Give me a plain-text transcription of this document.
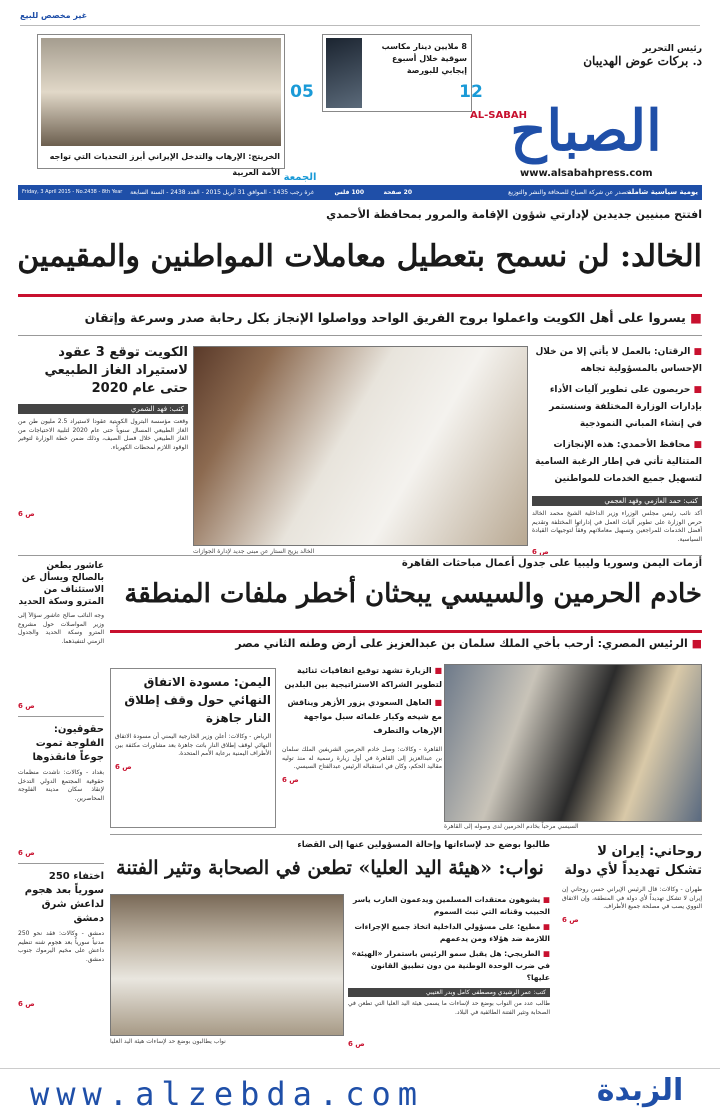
غير مخصص للبيع
الخريتج: الإرهاب والتدخل الإيراني أبرز التحديات التي تواجه الأمة العربية
05
8 ملايين دينار مكاسب سوقية خلال أسبوع إيجابي للبورصة
12
رئيس التحرير
د. بركات عوض الهديبان
الصباح
AL-SABAH
www.alsabahpress.com
الجمعة
يومية سياسية شاملة
تصدر عن شركة الصباح للصحافة والنشر والتوزيع
20 صفحة
100 فلس
غرة رجب 1435 - الموافق 31 أبريل 2015 - العدد 2438 - السنة السابعة
Friday, 3 April 2015 - No.2438 - 8th Year
افتتح مبنيين جديدين لإدارتي شؤون الإقامة والمرور بمحافظة الأحمدي
الخالد: لن نسمح بتعطيل معاملات المواطنين والمقيمين
■ يسروا على أهل الكويت واعملوا بروح الفريق الواحد وواصلوا الإنجاز بكل رحابة صدر وسرعة وإتقان
■ الرقتان: بالعمل لا يأتي إلا من خلال الإحساس بالمسؤولية تجاهه
■ حريصون على تطوير آليات الأداء بإدارات الوزارة المختلفة وسنستمر في إنشاء المباني النموذجية
■ محافظ الأحمدي: هذه الإنجازات المتتالية تأتي في إطار الرغبة السامية لتسهيل جميع الخدمات للمواطنين
كتب: حمد العازمي وفهد العجمي
أكد نائب رئيس مجلس الوزراء وزير الداخلية الشيخ محمد الخالد حرص الوزارة على تطوير آليات العمل في إداراتها المختلفة وتقديم أفضل الخدمات للمراجعين وتسهيل معاملاتهم وفقاً لتوجيهات القيادة السياسية.
ص 6
الخالد يزيح الستار عن مبنى جديد لإدارة الجوازات
الكويت توقع 3 عقود لاستيراد الغاز الطبيعي حتى عام 2020
كتب: فهد الشمري
وقعت مؤسسة البترول الكويتية عقوداً لاستيراد 2.5 مليون طن من الغاز الطبيعي المسال سنوياً حتى عام 2020 لتلبية الاحتياجات من الغاز الطبيعي خلال فصل الصيف، وذلك ضمن خطة الوزارة لتوفير الوقود اللازم لمحطات الكهرباء.
ص 6
أزمات اليمن وسوريا وليبيا على جدول أعمال مباحثات القاهرة
خادم الحرمين والسيسي يبحثان أخطر ملفات المنطقة
■ الرئيس المصري: أرحب بأخي الملك سلمان بن عبدالعزيز على أرض وطنه الثاني مصر
السيسي مرحباً بخادم الحرمين لدى وصوله إلى القاهرة
■ الزيارة تشهد توقيع اتفاقيات ثنائية لتطوير الشراكة الاستراتيجية بين البلدين
■ العاهل السعودي يزور الأزهر ويناقش مع شيخه وكبار علمائه سبل مواجهة الإرهاب والتطرف
القاهرة - وكالات: وصل خادم الحرمين الشريفين الملك سلمان بن عبدالعزيز إلى القاهرة في أول زيارة رسمية له منذ توليه مقاليد الحكم، وكان في استقباله الرئيس عبدالفتاح السيسي.
ص 6
اليمن: مسودة الاتفاق النهائي حول وقف إطلاق النار جاهزة
الرياض - وكالات: أعلن وزير الخارجية اليمني أن مسودة الاتفاق النهائي لوقف إطلاق النار باتت جاهزة بعد مشاورات مكثفة بين الأطراف اليمنية برعاية الأمم المتحدة.
ص 6
عاشور يطعن بالصالح ويسأل عن الاستئناف من المترو وسكة الحديد
وجه النائب صالح عاشور سؤالاً إلى وزير المواصلات حول مشروع المترو وسكة الحديد والجدول الزمني لتنفيذهما.
ص 6
حقوقيون: الفلوجة تموت جوعاً فانقذوها
بغداد - وكالات: ناشدت منظمات حقوقية المجتمع الدولي التدخل لإنقاذ سكان مدينة الفلوجة المحاصرين.
ص 6
اختفاء 250 سورياً بعد هجوم لداعش شرق دمشق
دمشق - وكالات: فقد نحو 250 مدنياً سورياً بعد هجوم شنه تنظيم داعش على مخيم اليرموك جنوب دمشق.
ص 6
روحاني: إيران لا تشكل تهديداً لأي دولة
طهران - وكالات: قال الرئيس الإيراني حسن روحاني إن إيران لا تشكل تهديداً لأي دولة في المنطقة، وإن الاتفاق النووي يصب في مصلحة جميع الأطراف.
ص 6
طالبوا بوضع حد لإساءاتها وإحالة المسؤولين عنها إلى القضاء
نواب: «هيئة اليد العليا» تطعن في الصحابة وتثير الفتنة
■ يشوهون معتقدات المسلمين ويدعمون العارب ياسر الحبيب وقناته التي تبث السموم
■ مطيع: على مسؤولي الداخلية اتخاذ جميع الإجراءات اللازمة ضد هؤلاء ومن يدعمهم
■ الطريجي: هل يقبل سمو الرئيس باستمرار «الهيئة» في ضرب الوحدة الوطنية من دون تطبيق القانون عليها؟
كتب: عمر الرشيدي ومصطفى كامل وبدر العتيبي
طالب عدد من النواب بوضع حد لإساءات ما يسمى هيئة اليد العليا التي تطعن في الصحابة وتثير الفتنة الطائفية في البلاد.
ص 6
نواب يطالبون بوضع حد لإساءات هيئة اليد العليا
www.alzebda.com	الزبدة
